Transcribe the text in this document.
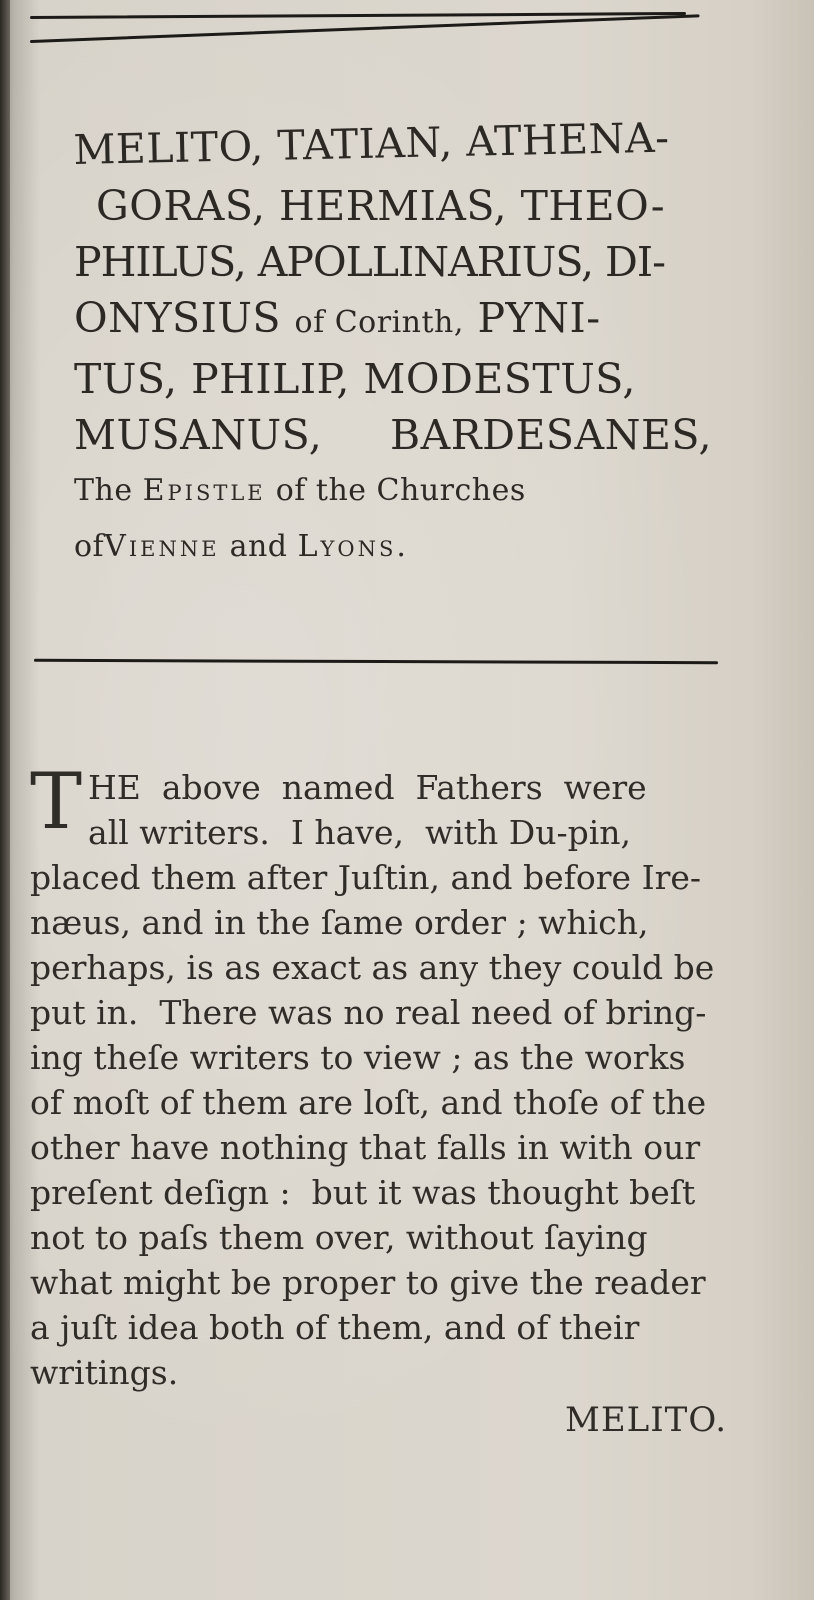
MELITO, TATIAN, ATHENA-
GORAS, HERMIAS, THEO-
PHILUS, APOLLINARIUS, DI-
ONYSIUS of Corinth, PYNI-
TUS, PHILIP, MODESTUS,
MUSANUS,     BARDESANES,
The Epistle of the Churches
ofVienne and Lyons.
T HE  above  named  Fathers  were
all writers.  I have,  with Du-pin,
placed them after Juſtin, and before Ire-
næus, and in the ſame order ; which,
perhaps, is as exact as any they could be
put in.  There was no real need of bring-
ing theſe writers to view ; as the works
of moſt of them are loſt, and thoſe of the
other have nothing that falls in with our
preſent deſign :  but it was thought beſt
not to paſs them over, without ſaying
what might be proper to give the reader
a juſt idea both of them, and of their
writings.
MELITO.
